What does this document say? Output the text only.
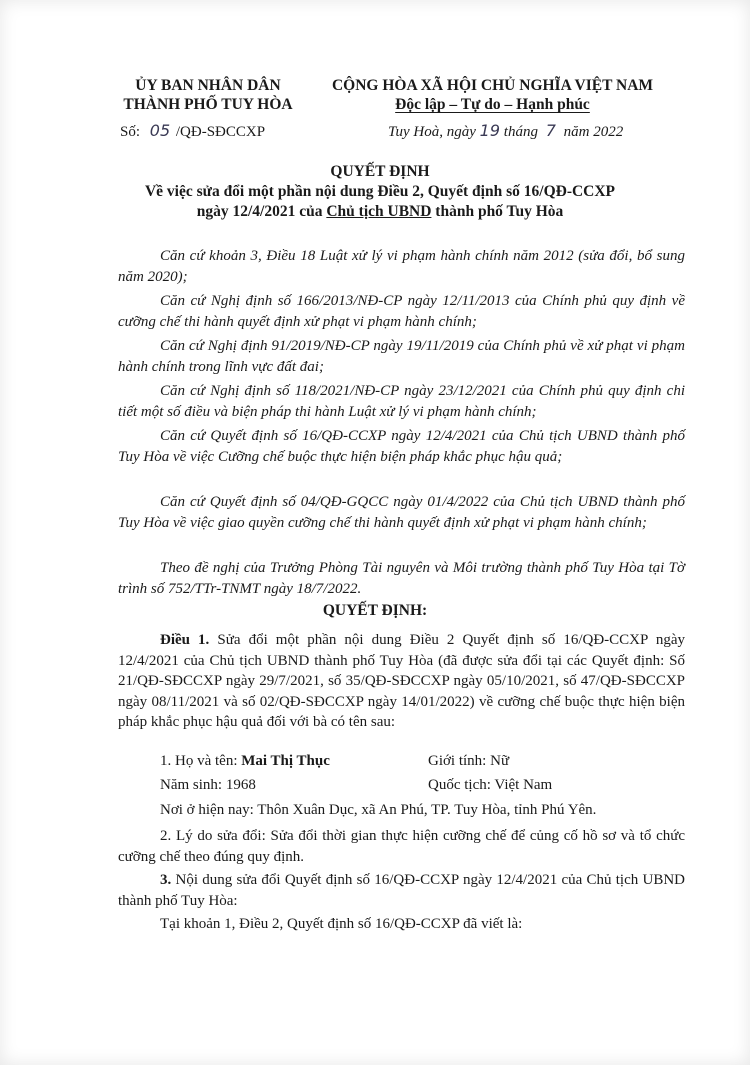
ỦY BAN NHÂN DÂN
THÀNH PHỐ TUY HÒA
CỘNG HÒA XÃ HỘI CHỦ NGHĨA VIỆT NAM
Độc lập – Tự do – Hạnh phúc
Số: 05 /QĐ-SĐCCXP	Tuy Hoà, ngày 19 tháng 7 năm 2022
QUYẾT ĐỊNH
Về việc sửa đổi một phần nội dung Điều 2, Quyết định số 16/QĐ-CCXP
ngày 12/4/2021 của Chủ tịch UBND thành phố Tuy Hòa
Căn cứ khoản 3, Điều 18 Luật xử lý vi phạm hành chính năm 2012 (sửa đổi, bổ sung năm 2020);
Căn cứ Nghị định số 166/2013/NĐ-CP ngày 12/11/2013 của Chính phủ quy định về cưỡng chế thi hành quyết định xử phạt vi phạm hành chính;
Căn cứ Nghị định 91/2019/NĐ-CP ngày 19/11/2019 của Chính phủ về xử phạt vi phạm hành chính trong lĩnh vực đất đai;
Căn cứ Nghị định số 118/2021/NĐ-CP ngày 23/12/2021 của Chính phủ quy định chi tiết một số điều và biện pháp thi hành Luật xử lý vi phạm hành chính;
Căn cứ Quyết định số 16/QĐ-CCXP ngày 12/4/2021 của Chủ tịch UBND thành phố Tuy Hòa về việc Cưỡng chế buộc thực hiện biện pháp khắc phục hậu quả;
Căn cứ Quyết định số 04/QĐ-GQCC ngày 01/4/2022 của Chủ tịch UBND thành phố Tuy Hòa về việc giao quyền cưỡng chế thi hành quyết định xử phạt vi phạm hành chính;
Theo đề nghị của Trưởng Phòng Tài nguyên và Môi trường thành phố Tuy Hòa tại Tờ trình số 752/TTr-TNMT ngày 18/7/2022.
QUYẾT ĐỊNH:
Điều 1. Sửa đổi một phần nội dung Điều 2 Quyết định số 16/QĐ-CCXP ngày 12/4/2021 của Chủ tịch UBND thành phố Tuy Hòa (đã được sửa đổi tại các Quyết định: Số 21/QĐ-SĐCCXP ngày 29/7/2021, số 35/QĐ-SĐCCXP ngày 05/10/2021, số 47/QĐ-SĐCCXP ngày 08/11/2021 và số 02/QĐ-SĐCCXP ngày 14/01/2022) về cưỡng chế buộc thực hiện biện pháp khắc phục hậu quả đối với bà có tên sau:
1. Họ và tên: Mai Thị Thục	Giới tính: Nữ
Năm sinh: 1968	Quốc tịch: Việt Nam
Nơi ở hiện nay: Thôn Xuân Dục, xã An Phú, TP. Tuy Hòa, tỉnh Phú Yên.
2. Lý do sửa đổi: Sửa đổi thời gian thực hiện cưỡng chế để củng cố hồ sơ và tổ chức cưỡng chế theo đúng quy định.
3. Nội dung sửa đổi Quyết định số 16/QĐ-CCXP ngày 12/4/2021 của Chủ tịch UBND thành phố Tuy Hòa:
Tại khoản 1, Điều 2, Quyết định số 16/QĐ-CCXP đã viết là:
